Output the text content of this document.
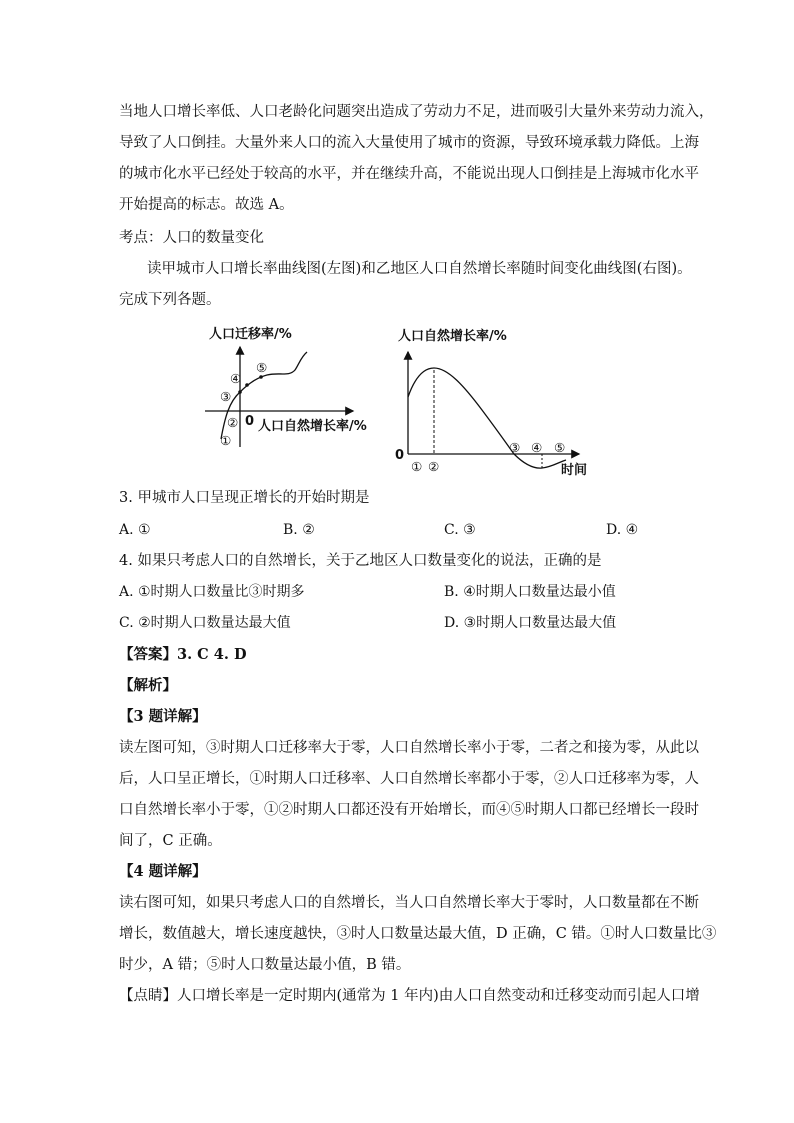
当地人口增长率低、人口老龄化问题突出造成了劳动力不足，进而吸引大量外来劳动力流入，
导致了人口倒挂。大量外来人口的流入大量使用了城市的资源，导致环境承载力降低。上海
的城市化水平已经处于较高的水平，并在继续升高，不能说出现人口倒挂是上海城市化水平
开始提高的标志。故选 A。
考点：人口的数量变化
读甲城市人口增长率曲线图(左图)和乙地区人口自然增长率随时间变化曲线图(右图)。
完成下列各题。
人口迁移率/%
人口自然增长率/%
0
①
②
③
④
⑤
人口自然增长率/%
时间
0
① ②
③ ④ ⑤
3. 甲城市人口呈现正增长的开始时期是
A. ①	B. ②	C. ③	D. ④
4. 如果只考虑人口的自然增长，关于乙地区人口数量变化的说法，正确的是
A. ①时期人口数量比③时期多	B. ④时期人口数量达最小值
C. ②时期人口数量达最大值	D. ③时期人口数量达最大值
【答案】3. C 4. D
【解析】
【3 题详解】
读左图可知，③时期人口迁移率大于零，人口自然增长率小于零，二者之和接为零，从此以
后，人口呈正增长，①时期人口迁移率、人口自然增长率都小于零，②人口迁移率为零，人
口自然增长率小于零，①②时期人口都还没有开始增长，而④⑤时期人口都已经增长一段时
间了，C 正确。
【4 题详解】
读右图可知，如果只考虑人口的自然增长，当人口自然增长率大于零时，人口数量都在不断
增长，数值越大，增长速度越快，③时人口数量达最大值，D 正确，C 错。①时人口数量比③
时少，A 错；⑤时人口数量达最小值，B 错。
【点睛】人口增长率是一定时期内(通常为 1 年内)由人口自然变动和迁移变动而引起人口增
